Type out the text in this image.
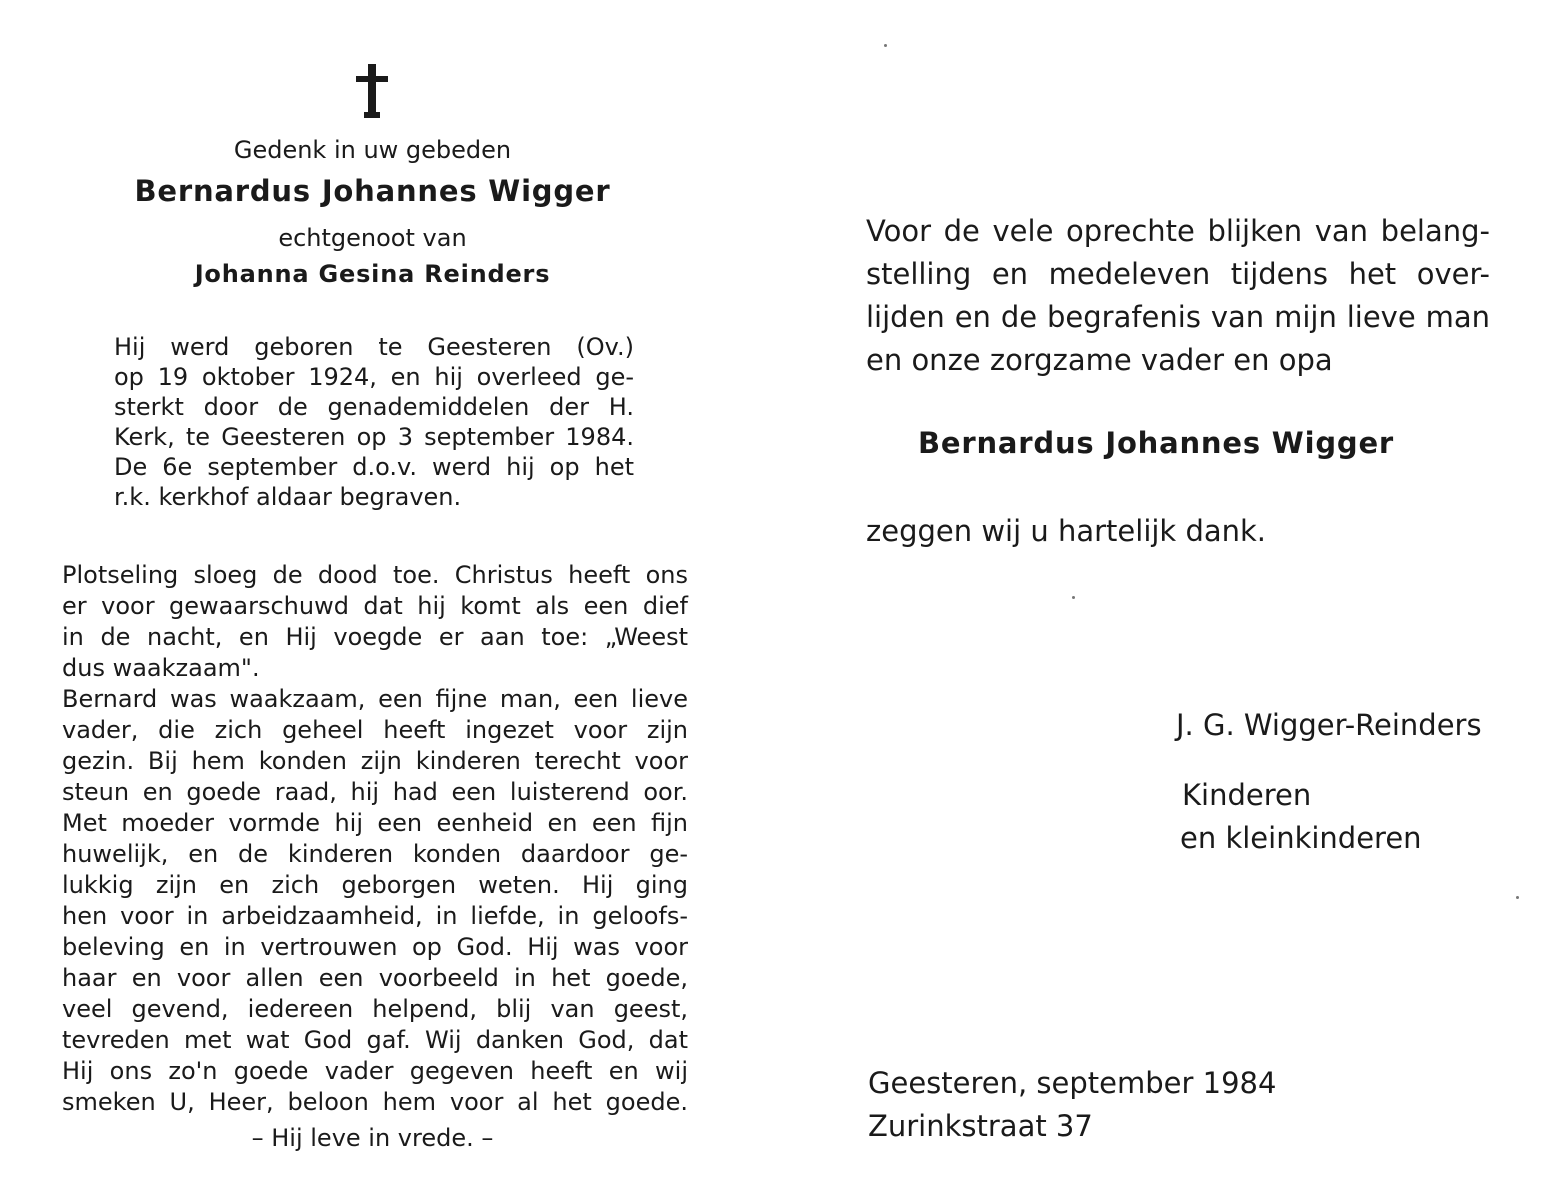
Gedenk in uw gebeden
Bernardus Johannes Wigger
echtgenoot van
Johanna Gesina Reinders
Hij werd geboren te Geesteren (Ov.)
op 19 oktober 1924, en hij overleed ge-
sterkt door de genademiddelen der H.
Kerk, te Geesteren op 3 september 1984.
De 6e september d.o.v. werd hij op het
r.k. kerkhof aldaar begraven.
Plotseling sloeg de dood toe. Christus heeft ons
er voor gewaarschuwd dat hij komt als een dief
in de nacht, en Hij voegde er aan toe: „Weest
dus waakzaam".
Bernard was waakzaam, een fijne man, een lieve
vader, die zich geheel heeft ingezet voor zijn
gezin. Bij hem konden zijn kinderen terecht voor
steun en goede raad, hij had een luisterend oor.
Met moeder vormde hij een eenheid en een fijn
huwelijk, en de kinderen konden daardoor ge-
lukkig zijn en zich geborgen weten. Hij ging
hen voor in arbeidzaamheid, in liefde, in geloofs-
beleving en in vertrouwen op God. Hij was voor
haar en voor allen een voorbeeld in het goede,
veel gevend, iedereen helpend, blij van geest,
tevreden met wat God gaf. Wij danken God, dat
Hij ons zo'n goede vader gegeven heeft en wij
smeken U, Heer, beloon hem voor al het goede.
– Hij leve in vrede. –
Voor de vele oprechte blijken van belang-
stelling en medeleven tijdens het over-
lijden en de begrafenis van mijn lieve man
en onze zorgzame vader en opa
Bernardus Johannes Wigger
zeggen wij u hartelijk dank.
J. G. Wigger-Reinders
Kinderen
en kleinkinderen
Geesteren, september 1984
Zurinkstraat 37
